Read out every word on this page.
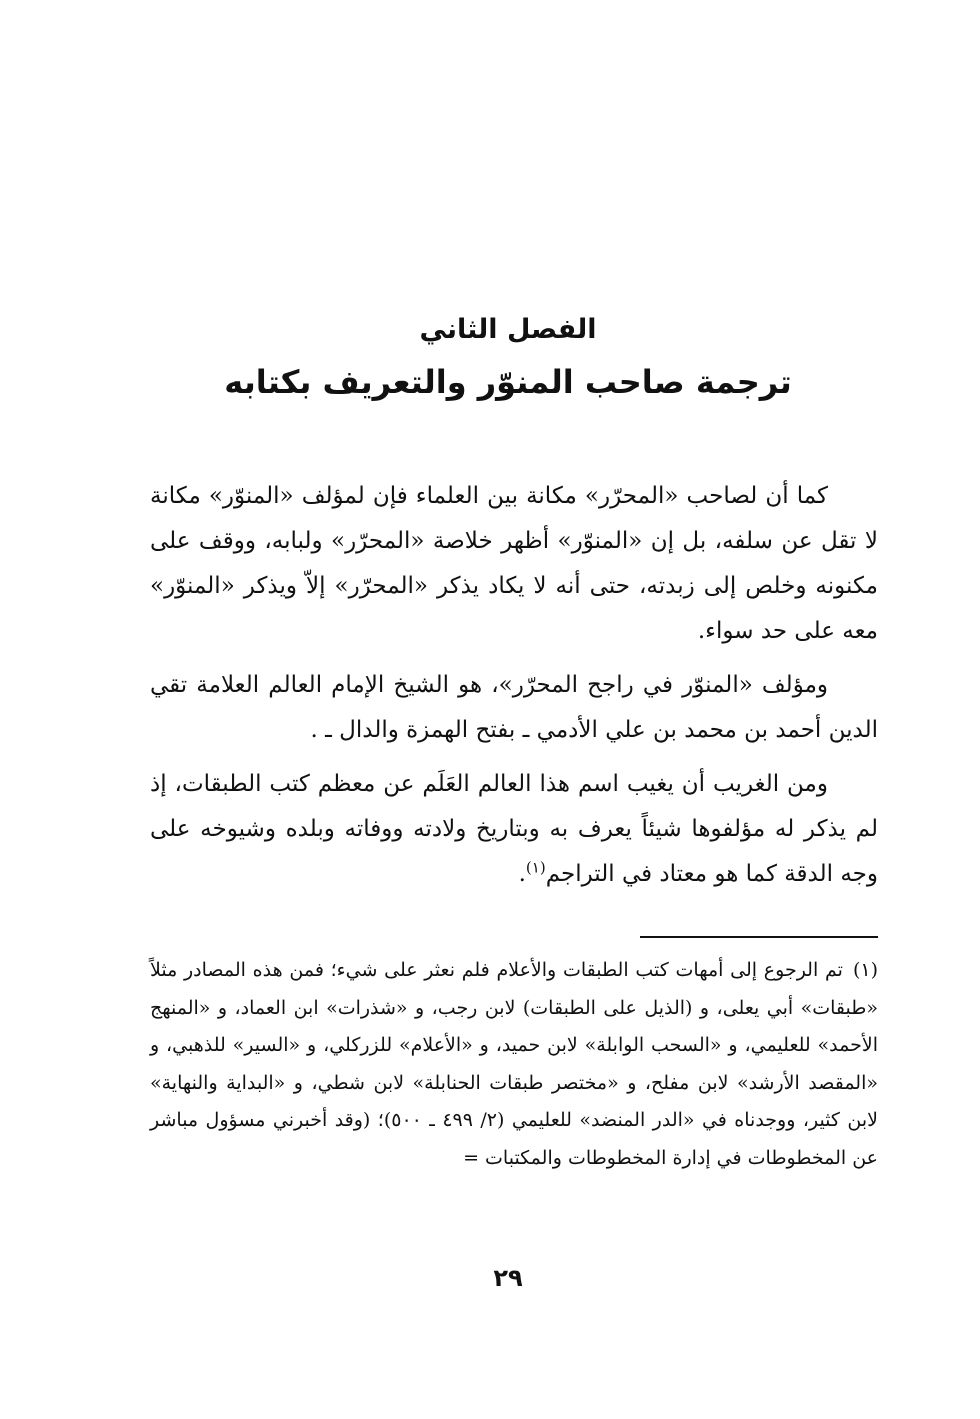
الفصل الثاني
ترجمة صاحب المنوّر والتعريف بكتابه

كما أن لصاحب «المحرّر» مكانة بين العلماء فإن لمؤلف «المنوّر» مكانة لا تقل عن سلفه، بل إن «المنوّر» أظهر خلاصة «المحرّر» ولبابه، ووقف على مكنونه وخلص إلى زبدته، حتى أنه لا يكاد يذكر «المحرّر» إلاّ ويذكر «المنوّر» معه على حد سواء.

ومؤلف «المنوّر في راجح المحرّر»، هو الشيخ الإمام العالم العلامة تقي الدين أحمد بن محمد بن علي الأدمي ـ بفتح الهمزة والدال ـ .

ومن الغريب أن يغيب اسم هذا العالم العَلَم عن معظم كتب الطبقات، إذ لم يذكر له مؤلفوها شيئاً يعرف به وبتاريخ ولادته ووفاته وبلده وشيوخه على وجه الدقة كما هو معتاد في التراجم$^{(١)}$.

(١)تم الرجوع إلى أمهات كتب الطبقات والأعلام فلم نعثر على شيء؛ فمن هذه المصادر مثلاً «طبقات» أبي يعلى، و (الذيل على الطبقات) لابن رجب، و «شذرات» ابن العماد، و «المنهج الأحمد» للعليمي، و «السحب الوابلة» لابن حميد، و «الأعلام» للزركلي، و «السير» للذهبي، و «المقصد الأرشد» لابن مفلح، و «مختصر طبقات الحنابلة» لابن شطي، و «البداية والنهاية» لابن كثير، ووجدناه في «الدر المنضد» للعليمي (٢/ ٤٩٩ ـ ٥٠٠)؛ (وقد أخبرني مسؤول مباشر عن المخطوطات في إدارة المخطوطات والمكتبات =
٢٩
